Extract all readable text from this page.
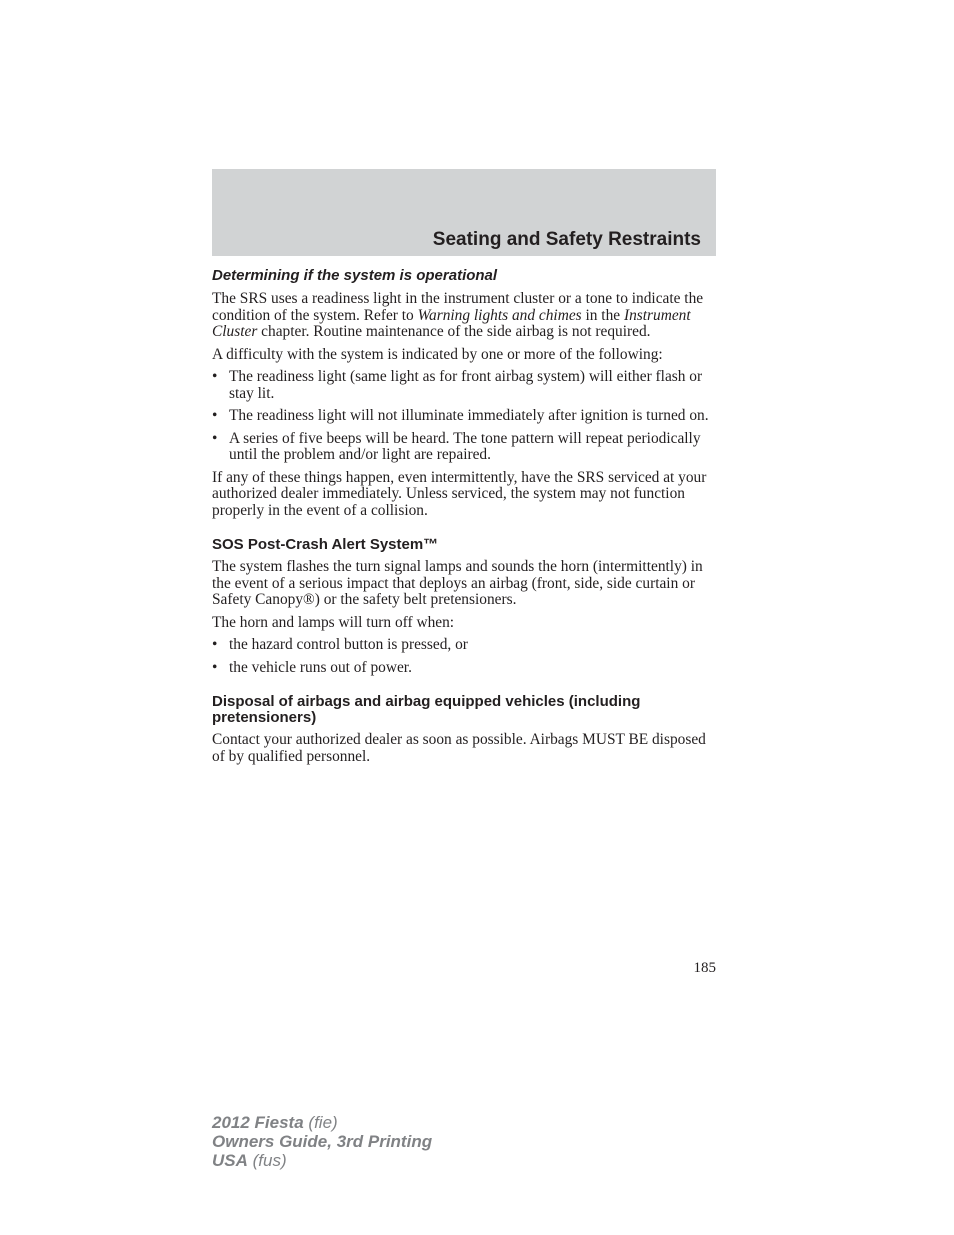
Seating and Safety Restraints
Determining if the system is operational

The SRS uses a readiness light in the instrument cluster or a tone to indicate the condition of the system. Refer to Warning lights and chimes in the Instrument Cluster chapter. Routine maintenance of the side airbag is not required.

A difficulty with the system is indicated by one or more of the following:

• The readiness light (same light as for front airbag system) will either flash or stay lit.
• The readiness light will not illuminate immediately after ignition is turned on.
• A series of five beeps will be heard. The tone pattern will repeat periodically until the problem and/or light are repaired.

If any of these things happen, even intermittently, have the SRS serviced at your authorized dealer immediately. Unless serviced, the system may not function properly in the event of a collision.

SOS Post-Crash Alert System™

The system flashes the turn signal lamps and sounds the horn (intermittently) in the event of a serious impact that deploys an airbag (front, side, side curtain or Safety Canopy®) or the safety belt pretensioners.

The horn and lamps will turn off when:

• the hazard control button is pressed, or
• the vehicle runs out of power.
Disposal of airbags and airbag equipped vehicles (including pretensioners)

Contact your authorized dealer as soon as possible. Airbags MUST BE disposed of by qualified personnel.

185
2012 Fiesta (fie)
Owners Guide, 3rd Printing
USA (fus)
